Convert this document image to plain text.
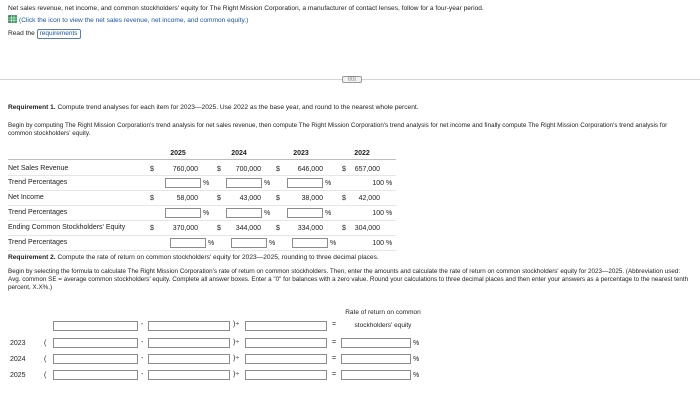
Net sales revenue, net income, and common stockholders' equity for The Right Mission Corporation, a manufacturer of contact lenses, follow for a four-year period.
(Click the icon to view the net sales revenue, net income, and common equity.)
Read the requirements
(((((
Requirement 1. Compute trend analyses for each item for 2023—2025. Use 2022 as the base year, and round to the nearest whole percent.
Begin by computing The Right Mission Corporation's trend analysis for net sales revenue, then compute The Right Mission Corporation's trend analysis for net income and finally compute The Right Mission Corporation's trend analysis for common stockholders' equity.
2025	2024	2023	2022
Net Sales Revenue	$	760,000	$	700,000 $	646,000	$	657,000
Trend Percentages	%	%	%	100 %
Net Income	$	58,000	$	43,000 $	38,000	$	42,000
Trend Percentages	%	%	%	100 %
Ending Common Stockholders' Equity	$	370,000	$	344,000 $	334,000	$	304,000
Trend Percentages	%	%	%	100 %
Requirement 2. Compute the rate of return on common stockholders' equity for 2023—2025, rounding to three decimal places.
Begin by selecting the formula to calculate The Right Mission Corporation's rate of return on common stockholders. Then, enter the amounts and calculate the rate of return on common stockholders' equity for 2023—2025. (Abbreviation used: Avg. common SE = average common stockholders' equity. Complete all answer boxes. Enter a "0" for balances with a zero value. Round your calculations to three decimal places and then enter your answers as a percentage to the nearest tenth percent, X.X%.)
Rate of return on common
stockholders' equity
-	)÷	=
2023	(	-	)÷	=	%
2024	(	-	)÷	=	%
2025	(	-	)÷	=	%
